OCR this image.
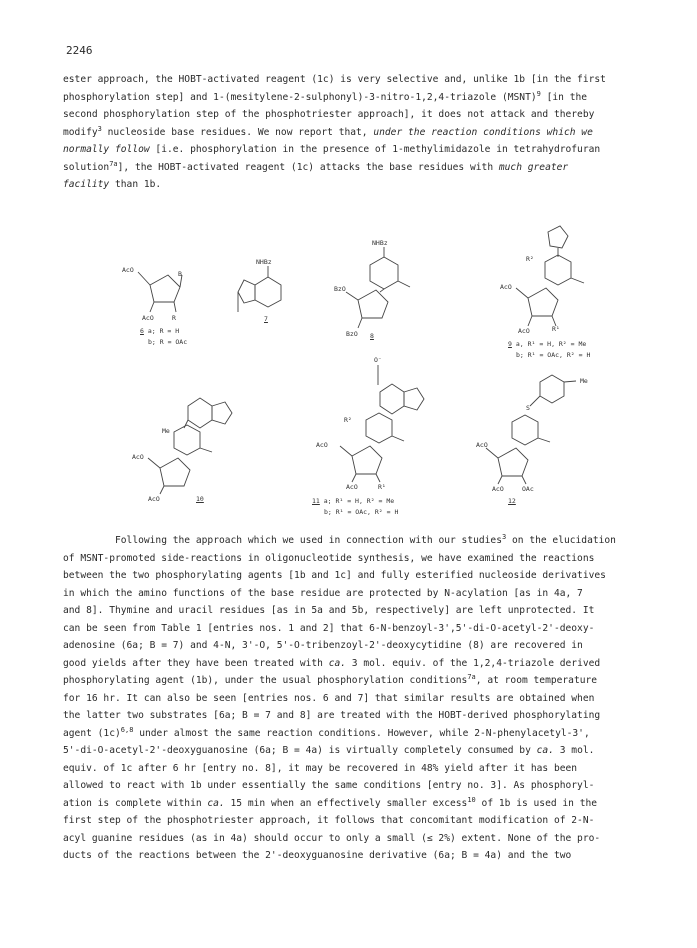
2246
ester approach, the HOBT-activated reagent (1c) is very selective and, unlike 1b [in the first
phosphorylation step] and 1-(mesitylene-2-sulphonyl)-3-nitro-1,2,4-triazole (MSNT)$^9$ [in the
second phosphorylation step of the phosphotriester approach], it does not attack and thereby
modify$^3$ nucleoside base residues. We now report that, under the reaction conditions which we
normally follow [i.e. phosphorylation in the presence of 1-methylimidazole in tetrahydrofuran
solution$^{7a}$], the HOBT-activated reagent (1c) attacks the base residues with much greater
facility than 1b.
AcO	B
AcO	R
6 a; R = H
b; R = OAc
NHBz
7
NHBz
BzO
BzO 8
R²
AcO
AcO	R¹
9 a, R¹ = H, R² = Me
b; R¹ = OAc, R² = H
Me
AcO
AcO	10
O⁻
R²
AcO
AcO	R¹
11 a; R¹ = H, R² = Me
b; R¹ = OAc, R² = H
Me
S
AcO
AcO	OAc
12
Following the approach which we used in connection with our studies$^3$ on the elucidation
of MSNT-promoted side-reactions in oligonucleotide synthesis, we have examined the reactions
between the two phosphorylating agents [1b and 1c] and fully esterified nucleoside derivatives
in which the amino functions of the base residue are protected by N-acylation [as in 4a, 7
and 8]. Thymine and uracil residues [as in 5a and 5b, respectively] are left unprotected. It
can be seen from Table 1 [entries nos. 1 and 2] that 6-N-benzoyl-3',5'-di-O-acetyl-2'-deoxy-
adenosine (6a; B = 7) and 4-N, 3'-O, 5'-O-tribenzoyl-2'-deoxycytidine (8) are recovered in
good yields after they have been treated with ca. 3 mol. equiv. of the 1,2,4-triazole derived
phosphorylating agent (1b), under the usual phosphorylation conditions$^{7a}$, at room temperature
for 16 hr. It can also be seen [entries nos. 6 and 7] that similar results are obtained when
the latter two substrates [6a; B = 7 and 8] are treated with the HOBT-derived phosphorylating
agent $(1c)^{6,8}$ under almost the same reaction conditions. However, while 2-N-phenylacetyl-3',
5'-di-O-acetyl-2'-deoxyguanosine (6a; B = 4a) is virtually completely consumed by ca. 3 mol.
equiv. of 1c after 6 hr [entry no. 8], it may be recovered in 48% yield after it has been
allowed to react with 1b under essentially the same conditions [entry no. 3]. As phosphoryl-
ation is complete within ca. 15 min when an effectively smaller excess$^{10}$ of 1b is used in the
first step of the phosphotriester approach, it follows that concomitant modification of 2-N-
acyl guanine residues (as in 4a) should occur to only a small (≤ 2%) extent. None of the pro-
ducts of the reactions between the 2'-deoxyguanosine derivative (6a; B = 4a) and the two
